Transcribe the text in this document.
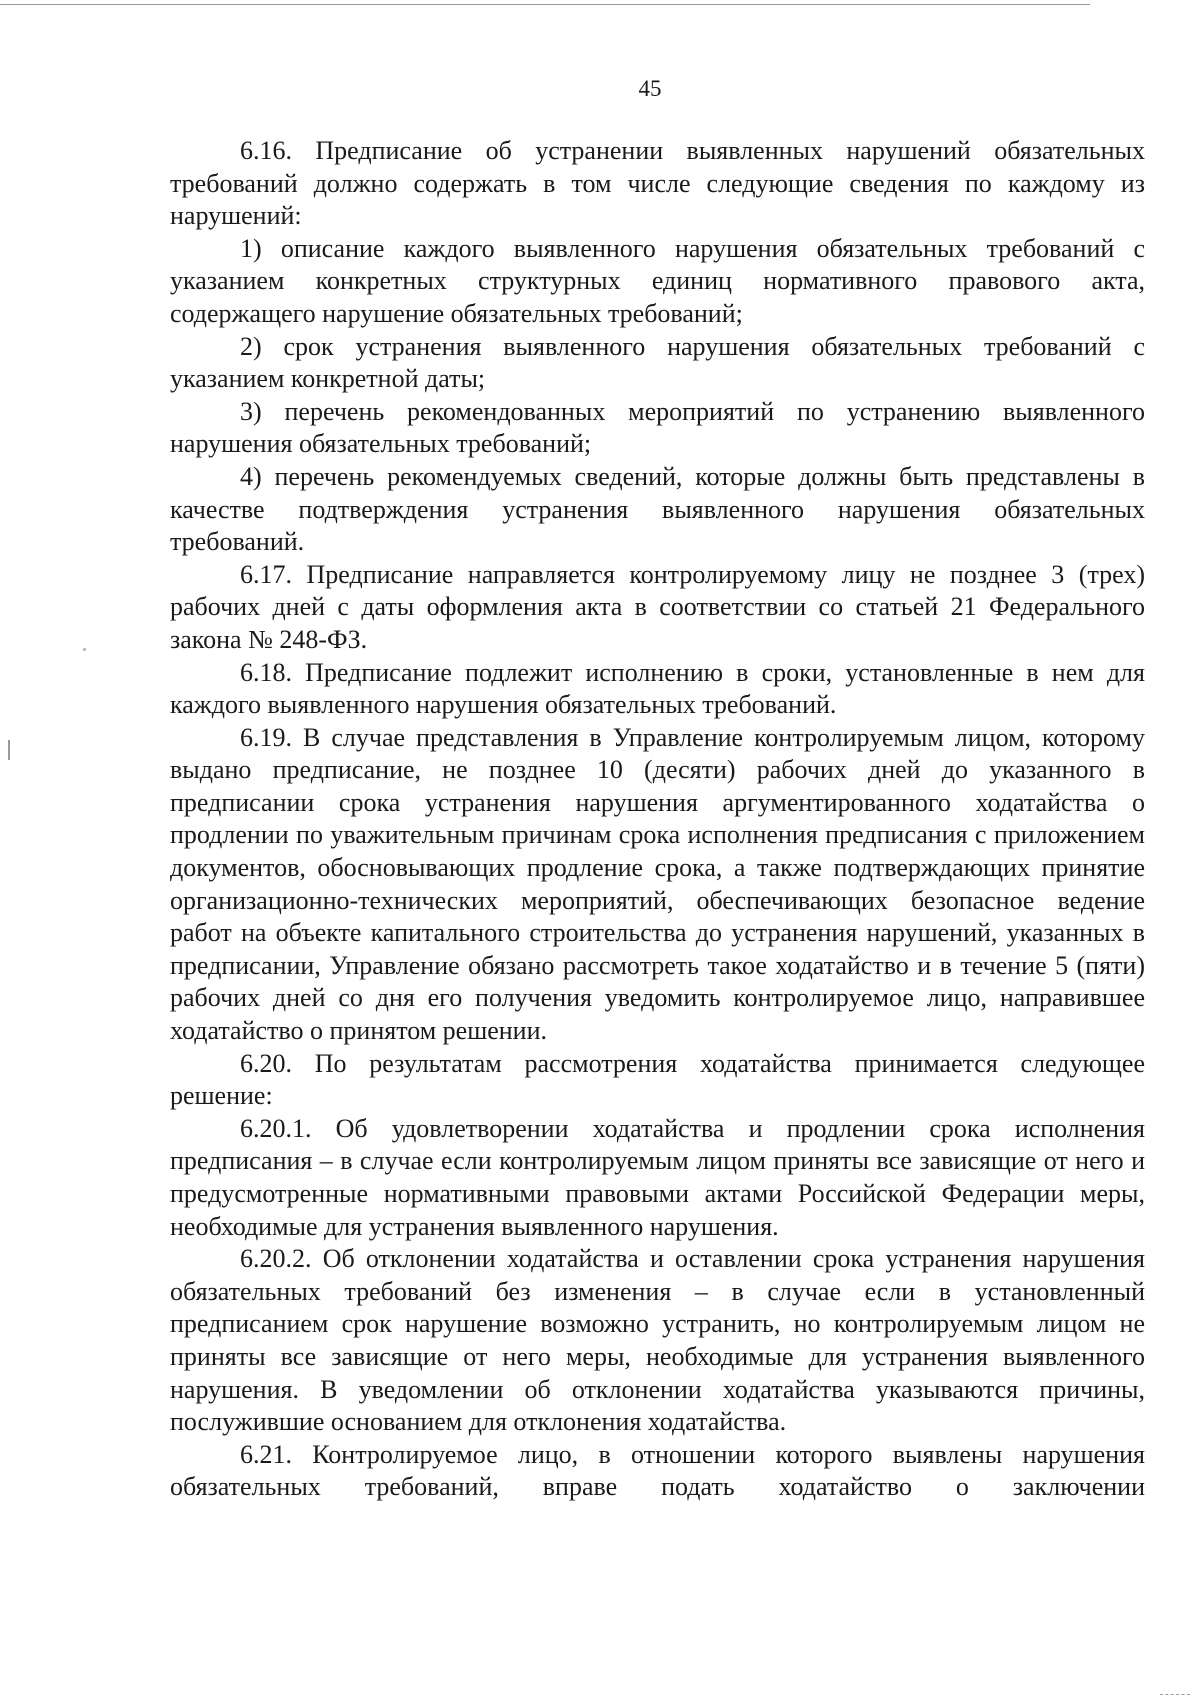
45

6.16. Предписание об устранении выявленных нарушений обязательных требований должно содержать в том числе следующие сведения по каждому из нарушений:

1) описание каждого выявленного нарушения обязательных требований с указанием конкретных структурных единиц нормативного правового акта, содержащего нарушение обязательных требований;

2) срок устранения выявленного нарушения обязательных требований с указанием конкретной даты;

3) перечень рекомендованных мероприятий по устранению выявленного нарушения обязательных требований;

4) перечень рекомендуемых сведений, которые должны быть представлены в качестве подтверждения устранения выявленного нарушения обязательных требований.

6.17. Предписание направляется контролируемому лицу не позднее 3 (трех) рабочих дней с даты оформления акта в соответствии со статьей 21 Федерального закона № 248-ФЗ.

6.18. Предписание подлежит исполнению в сроки, установленные в нем для каждого выявленного нарушения обязательных требований.

6.19. В случае представления в Управление контролируемым лицом, которому выдано предписание, не позднее 10 (десяти) рабочих дней до указанного в предписании срока устранения нарушения аргументированного ходатайства о продлении по уважительным причинам срока исполнения предписания с приложением документов, обосновывающих продление срока, а также подтверждающих принятие организационно-технических мероприятий, обеспечивающих безопасное ведение работ на объекте капитального строительства до устранения нарушений, указанных в предписании, Управление обязано рассмотреть такое ходатайство и в течение 5 (пяти) рабочих дней со дня его получения уведомить контролируемое лицо, направившее ходатайство о принятом решении.

6.20. По результатам рассмотрения ходатайства принимается следующее решение:

6.20.1. Об удовлетворении ходатайства и продлении срока исполнения предписания – в случае если контролируемым лицом приняты все зависящие от него и предусмотренные нормативными правовыми актами Российской Федерации меры, необходимые для устранения выявленного нарушения.

6.20.2. Об отклонении ходатайства и оставлении срока устранения нарушения обязательных требований без изменения – в случае если в установленный предписанием срок нарушение возможно устранить, но контролируемым лицом не приняты все зависящие от него меры, необходимые для устранения выявленного нарушения. В уведомлении об отклонении ходатайства указываются причины, послужившие основанием для отклонения ходатайства.

6.21. Контролируемое лицо, в отношении которого выявлены нарушения обязательных требований, вправе подать ходатайство о заключении
